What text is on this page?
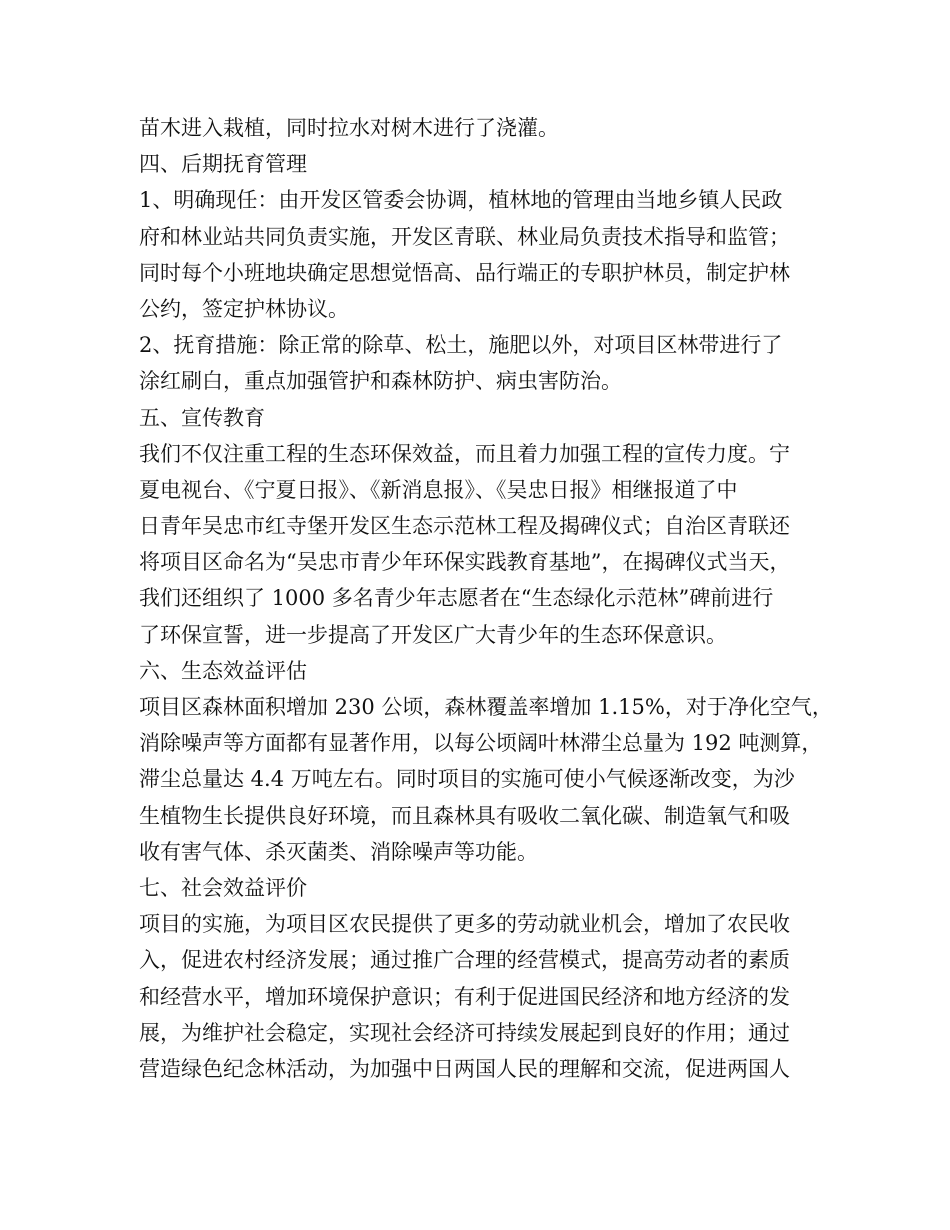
苗木进入栽植，同时拉水对树木进行了浇灌。

四、后期抚育管理

1、明确现任：由开发区管委会协调，植林地的管理由当地乡镇人民政

府和林业站共同负责实施，开发区青联、林业局负责技术指导和监管；

同时每个小班地块确定思想觉悟高、品行端正的专职护林员，制定护林

公约，签定护林协议。

2、抚育措施：除正常的除草、松土，施肥以外，对项目区林带进行了

涂红刷白，重点加强管护和森林防护、病虫害防治。

五、宣传教育

我们不仅注重工程的生态环保效益，而且着力加强工程的宣传力度。宁

夏电视台、《宁夏日报》、《新消息报》、《吴忠日报》相继报道了中

日青年吴忠市红寺堡开发区生态示范林工程及揭碑仪式；自治区青联还

将项目区命名为“吴忠市青少年环保实践教育基地”，在揭碑仪式当天，

我们还组织了 1000 多名青少年志愿者在“生态绿化示范林”碑前进行

了环保宣誓，进一步提高了开发区广大青少年的生态环保意识。

六、生态效益评估

项目区森林面积增加 230 公顷，森林覆盖率增加 1.15%，对于净化空气，

消除噪声等方面都有显著作用，以每公顷阔叶林滞尘总量为 192 吨测算，

滞尘总量达 4.4 万吨左右。同时项目的实施可使小气候逐渐改变，为沙

生植物生长提供良好环境，而且森林具有吸收二氧化碳、制造氧气和吸

收有害气体、杀灭菌类、消除噪声等功能。

七、社会效益评价

项目的实施，为项目区农民提供了更多的劳动就业机会，增加了农民收

入，促进农村经济发展；通过推广合理的经营模式，提高劳动者的素质

和经营水平，增加环境保护意识；有利于促进国民经济和地方经济的发

展，为维护社会稳定，实现社会经济可持续发展起到良好的作用；通过

营造绿色纪念林活动，为加强中日两国人民的理解和交流，促进两国人
